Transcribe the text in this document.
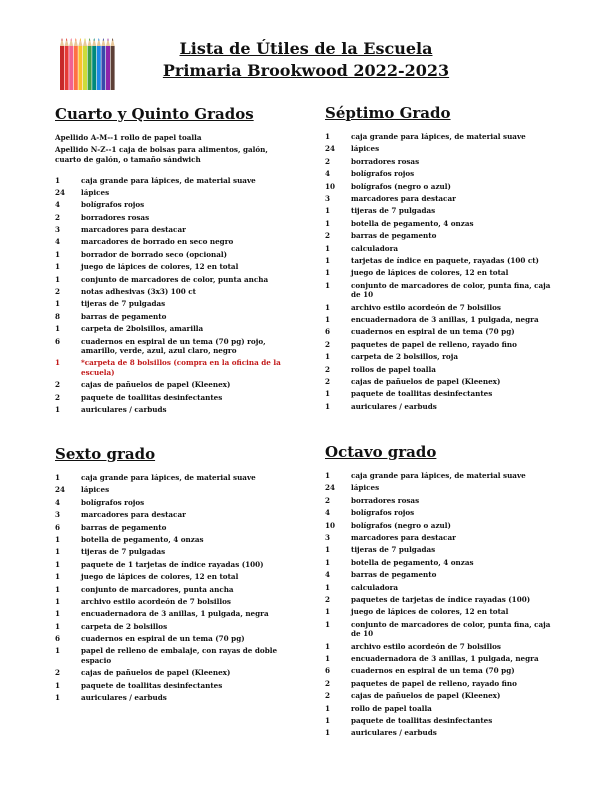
Lista de Útiles de la Escuela
Primaria Brookwood 2022-2023
Cuarto y Quinto Grados
Apellido A-M--1 rollo de papel toalla
Apellido N-Z--1 caja de bolsas para alimentos, galón, cuarto de galón, o tamaño sándwich
1	caja grande para lápices, de material suave
24	lápices
4	bolígrafos rojos
2	borradores rosas
3	marcadores para destacar
4	marcadores de borrado en seco negro
1	borrador de borrado seco (opcional)
1	juego de lápices de colores, 12 en total
1	conjunto de marcadores de color, punta ancha
2	notas adhesivas (3x3) 100 ct
1	tijeras de 7 pulgadas
8	barras de pegamento
1	carpeta de 2bolsillos, amarilla
6	cuadernos en espiral de un tema (70 pg) rojo, amarillo, verde, azul, azul claro, negro
1	*carpeta de 8 bolsillos (compra en la oficina de la escuela)
2	cajas de pañuelos de papel (Kleenex)
2	paquete de toallitas desinfectantes
1	auriculares / carbuds
Séptimo Grado
1	caja grande para lápices, de material suave
24	lápices
2	borradores rosas
4	bolígrafos rojos
10	bolígrafos (negro o azul)
3	marcadores para destacar
1	tijeras de 7 pulgadas
1	botella de pegamento, 4 onzas
2	barras de pegamento
1	calculadora
1	tarjetas de índice en paquete, rayadas (100 ct)
1	juego de lápices de colores, 12 en total
1	conjunto de marcadores de color, punta fina, caja de 10
1	archivo estilo acordeón de 7 bolsillos
1	encuadernadora de 3 anillas, 1 pulgada, negra
6	cuadernos en espiral de un tema (70 pg)
2	paquetes de papel de relleno, rayado fino
1	carpeta de 2 bolsillos, roja
2	rollos de papel toalla
2	cajas de pañuelos de papel (Kleenex)
1	paquete de toallitas desinfectantes
1	auriculares / earbuds
Sexto grado
1	caja grande para lápices, de material suave
24	lápices
4	bolígrafos rojos
3	marcadores para destacar
6	barras de pegamento
1	botella de pegamento, 4 onzas
1	tijeras de 7 pulgadas
1	paquete de 1 tarjetas de índice rayadas (100)
1	juego de lápices de colores, 12 en total
1	conjunto de marcadores, punta ancha
1	archivo estilo acordeón de 7 bolsillos
1	encuadernadora de 3 anillas, 1 pulgada, negra
1	carpeta de 2 bolsillos
6	cuadernos en espiral de un tema (70 pg)
1	papel de relleno de embalaje, con rayas de doble espacio
2	cajas de pañuelos de papel (Kleenex)
1	paquete de toallitas desinfectantes
1	auriculares / earbuds
Octavo grado
1	caja grande para lápices, de material suave
24	lápices
2	borradores rosas
4	bolígrafos rojos
10	bolígrafos (negro o azul)
3	marcadores para destacar
1	tijeras de 7 pulgadas
1	botella de pegamento, 4 onzas
4	barras de pegamento
1	calculadora
2	paquetes de tarjetas de índice rayadas (100)
1	juego de lápices de colores, 12 en total
1	conjunto de marcadores de color, punta fina, caja de 10
1	archivo estilo acordeón de 7 bolsillos
1	encuadernadora de 3 anillas, 1 pulgada, negra
6	cuadernos en espiral de un tema (70 pg)
2	paquetes de papel de relleno, rayado fino
2	cajas de pañuelos de papel (Kleenex)
1	rollo de papel toalla
1	paquete de toallitas desinfectantes
1	auriculares / earbuds
